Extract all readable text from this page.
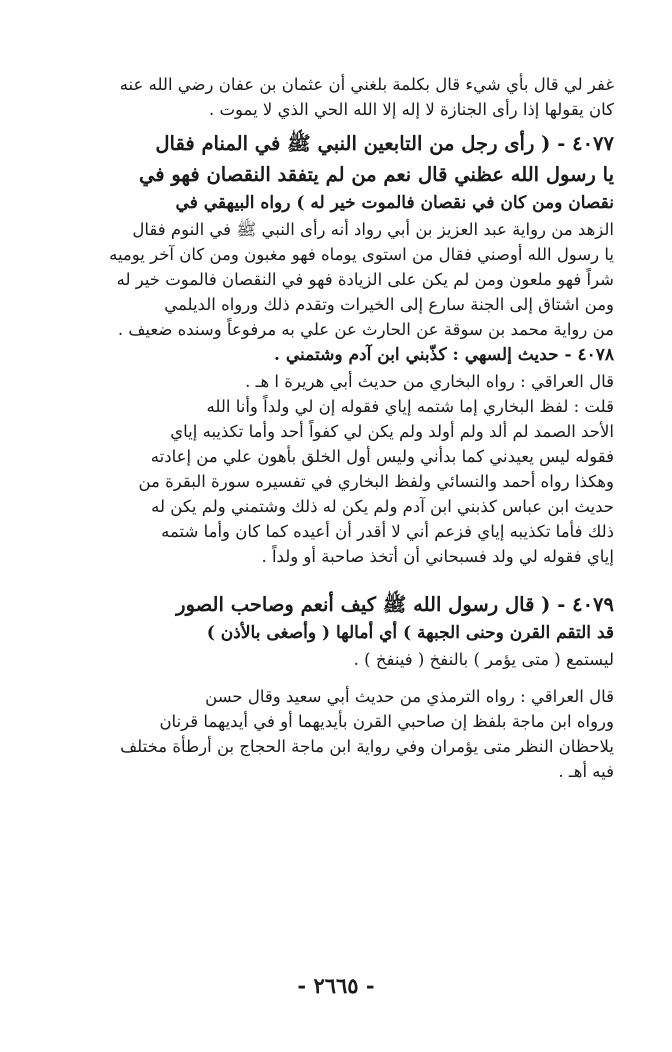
غفر لي قال بأي شيء قال بكلمة بلغني أن عثمان بن عفان رضي الله عنه
كان يقولها إذا رأى الجنازة لا إله إلا الله الحي الذي لا يموت .
٤٠٧٧ - ( رأى رجل من التابعين النبي ﷺ في المنام فقال
يا رسول الله عظني قال نعم من لم يتفقد النقصان فهو في
نقصان ومن كان في نقصان فالموت خير له ) رواه البيهقي في
الزهد من رواية عبد العزيز بن أبي رواد أنه رأى النبي ﷺ في النوم فقال
يا رسول الله أوصني فقال من استوى يوماه فهو مغبون ومن كان آخر يوميه
شراً فهو ملعون ومن لم يكن على الزيادة فهو في النقصان فالموت خير له
ومن اشتاق إلى الجنة سارع إلى الخيرات وتقدم ذلك ورواه الديلمي
من رواية محمد بن سوقة عن الحارث عن علي به مرفوعاً وسنده ضعيف .
٤٠٧٨ - حديث إلسهي : كذّبني ابن آدم وشتمني .
قال العراقي : رواه البخاري من حديث أبي هريرة ا هـ .
قلت : لفظ البخاري إما شتمه إياي فقوله إن لي ولداً وأنا الله
الأحد الصمد لم ألد ولم أولد ولم يكن لي كفواً أحد وأما تكذيبه إياي
فقوله ليس يعيدني كما بدأني وليس أول الخلق بأهون علي من إعادته
وهكذا رواه أحمد والنسائي ولفظ البخاري في تفسيره سورة البقرة من
حديث ابن عباس كذبني ابن آدم ولم يكن له ذلك وشتمني ولم يكن له
ذلك فأما تكذيبه إياي فزعم أني لا أقدر أن أعيده كما كان وأما شتمه
إياي فقوله لي ولد فسبحاني أن أتخذ صاحبة أو ولداً .
٤٠٧٩ - ( قال رسول الله ﷺ كيف أنعم وصاحب الصور
قد التقم القرن وحنى الجبهة ) أي أمالها ( وأصغى بالأذن )
ليستمع ( متى يؤمر ) بالنفخ ( فينفخ ) .
قال العراقي : رواه الترمذي من حديث أبي سعيد وقال حسن
ورواه ابن ماجة بلفظ إن صاحبي القرن بأيديهما أو في أيديهما قرنان
يلاحظان النظر متى يؤمران وفي رواية ابن ماجة الحجاج بن أرطأة مختلف
فيه أهـ .
- ٢٦٦٥ -
